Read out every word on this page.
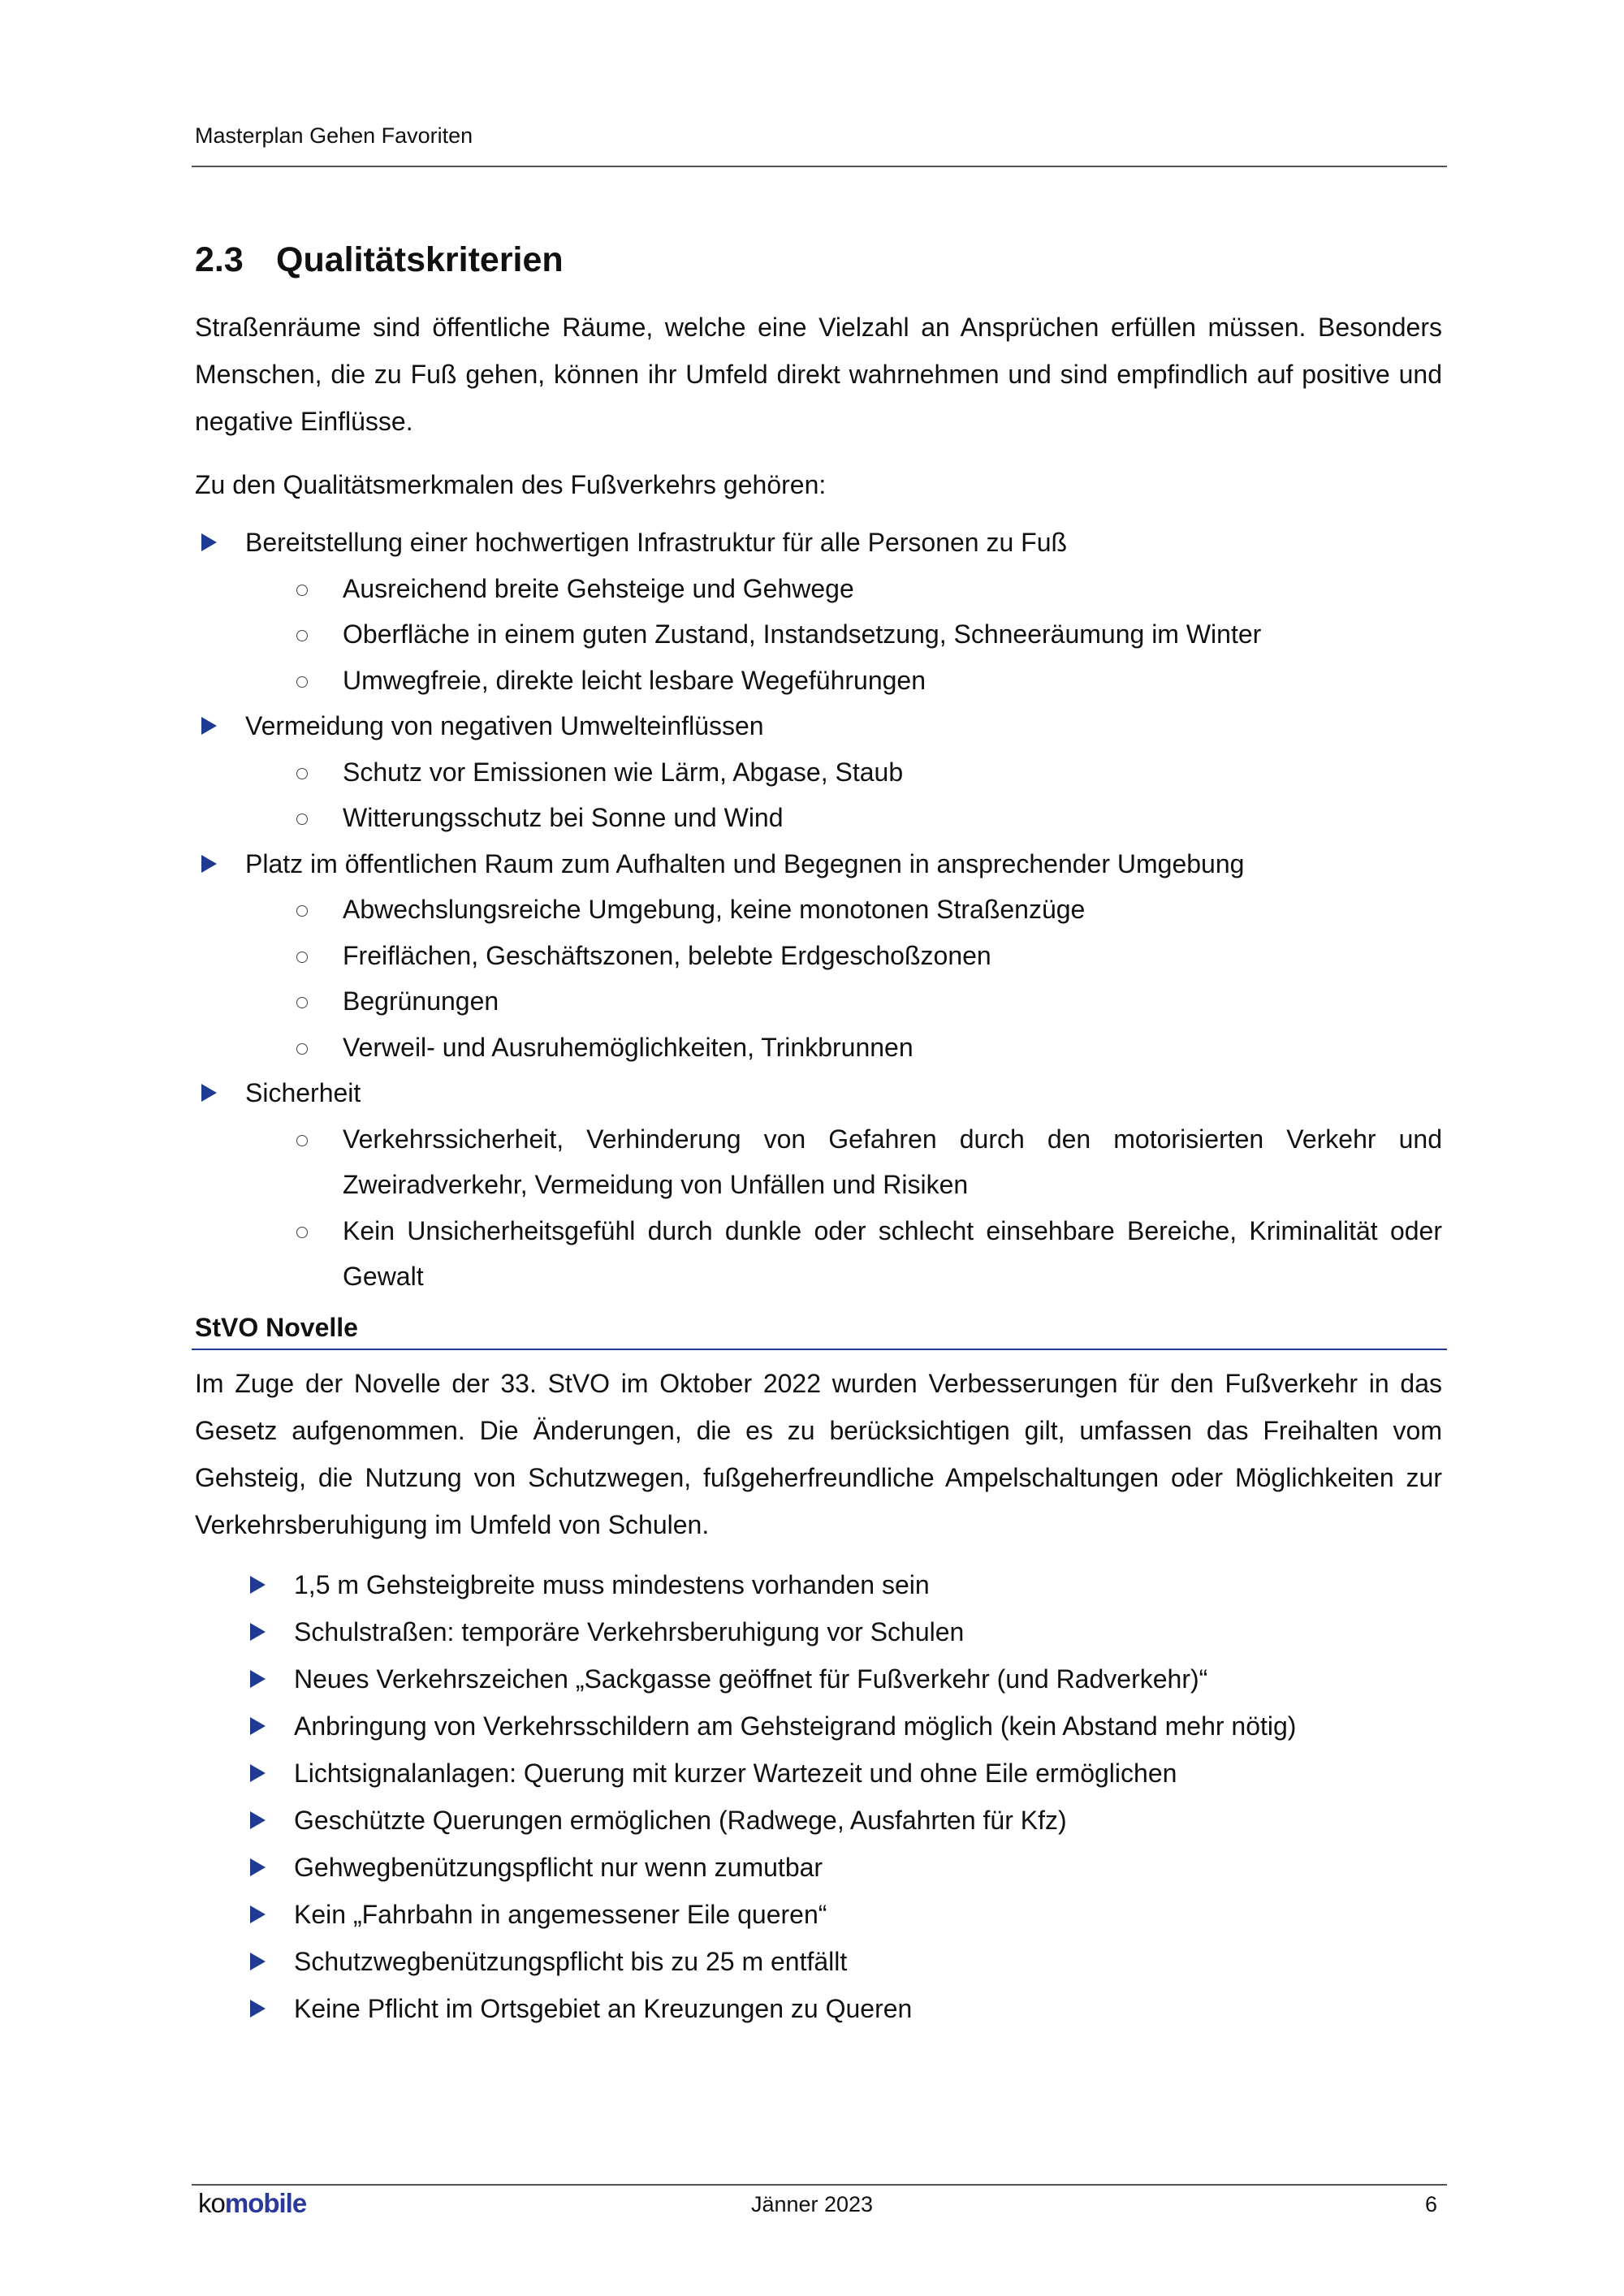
Masterplan Gehen Favoriten
2.3 Qualitätskriterien

Straßenräume sind öffentliche Räume, welche eine Vielzahl an Ansprüchen erfüllen müssen. Besonders Menschen, die zu Fuß gehen, können ihr Umfeld direkt wahrnehmen und sind empfindlich auf positive und negative Einflüsse.

Zu den Qualitätsmerkmalen des Fußverkehrs gehören:

Bereitstellung einer hochwertigen Infrastruktur für alle Personen zu Fuß
Ausreichend breite Gehsteige und Gehwege
Oberfläche in einem guten Zustand, Instandsetzung, Schneeräumung im Winter
Umwegfreie, direkte leicht lesbare Wegeführungen
Vermeidung von negativen Umwelteinflüssen
Schutz vor Emissionen wie Lärm, Abgase, Staub
Witterungsschutz bei Sonne und Wind
Platz im öffentlichen Raum zum Aufhalten und Begegnen in ansprechender Umgebung
Abwechslungsreiche Umgebung, keine monotonen Straßenzüge
Freiflächen, Geschäftszonen, belebte Erdgeschoßzonen
Begrünungen
Verweil- und Ausruhemöglichkeiten, Trinkbrunnen
Sicherheit
Verkehrssicherheit, Verhinderung von Gefahren durch den motorisierten Verkehr und Zweiradverkehr, Vermeidung von Unfällen und Risiken
Kein Unsicherheitsgefühl durch dunkle oder schlecht einsehbare Bereiche, Kriminalität oder Gewalt
StVO Novelle

Im Zuge der Novelle der 33. StVO im Oktober 2022 wurden Verbesserungen für den Fußverkehr in das Gesetz aufgenommen. Die Änderungen, die es zu berücksichtigen gilt, umfassen das Freihalten vom Gehsteig, die Nutzung von Schutzwegen, fußgeherfreundliche Ampelschaltungen oder Möglichkeiten zur Verkehrsberuhigung im Umfeld von Schulen.

1,5 m Gehsteigbreite muss mindestens vorhanden sein
Schulstraßen: temporäre Verkehrsberuhigung vor Schulen
Neues Verkehrszeichen „Sackgasse geöffnet für Fußverkehr (und Radverkehr)“
Anbringung von Verkehrsschildern am Gehsteigrand möglich (kein Abstand mehr nötig)
Lichtsignalanlagen: Querung mit kurzer Wartezeit und ohne Eile ermöglichen
Geschützte Querungen ermöglichen (Radwege, Ausfahrten für Kfz)
Gehwegbenützungspflicht nur wenn zumutbar
Kein „Fahrbahn in angemessener Eile queren“
Schutzwegbenützungspflicht bis zu 25 m entfällt
Keine Pflicht im Ortsgebiet an Kreuzungen zu Queren
komobile	Jänner 2023	6
